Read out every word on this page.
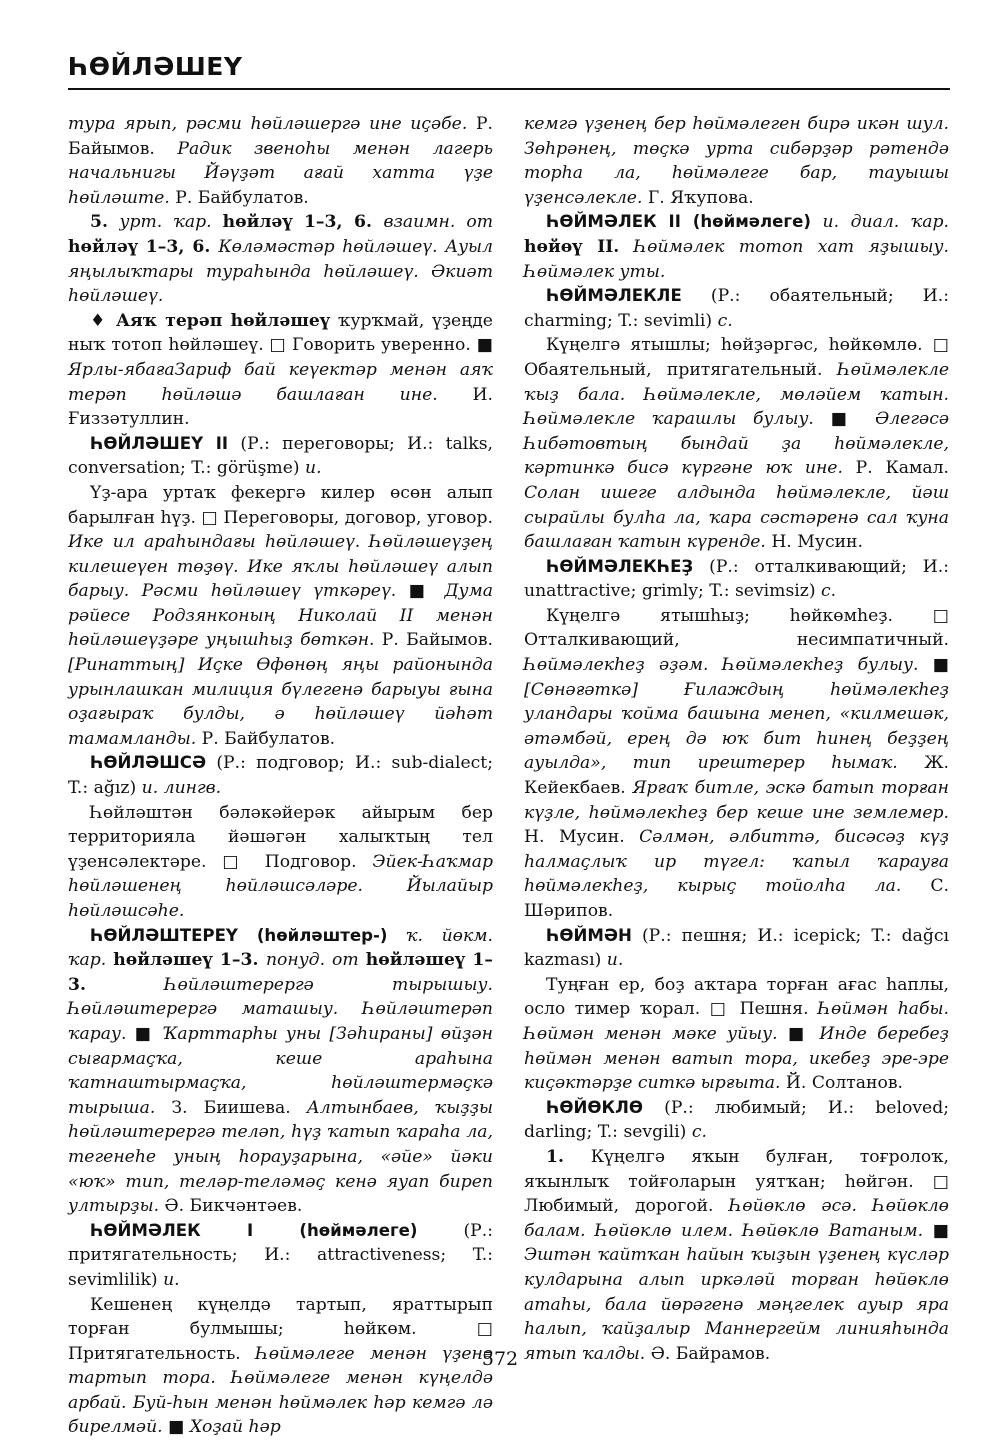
ҺӨЙЛӘШЕҮ

тура ярып, рәсми һөйләшергә ине иҫәбе. Р. Байымов. Радик звеноһы менән лагерь начальнигы Йәүҙәт ағай хатта үҙе һөйләште. Р. Байбулатов.

5. урт. ҡар. һөйләү 1–3, 6. взаимн. от һөйләү 1–3, 6. Көләмәстәр һөйләшеү. Ауыл яңылыҡтары тураһында һөйләшеү. Әкиәт һөйләшеү.

♦ Аяҡ терәп һөйләшеү ҡурҡмай, үҙеңде ныҡ тотоп һөйләшеү. □ Говорить уверенно. ■ Ярлы-ябағаЗариф бай кеүектәр менән аяҡ терәп һөйләшә башлаған ине. И. Ғиззәтуллин.

ҺӨЙЛӘШЕҮ II (Р.: переговоры; И.: talks, conversation; T.: görüşme) и.

Үҙ-ара уртаҡ фекергә килер өсөн алып барылған һүҙ. □ Переговоры, договор, уговор. Ике ил араһындағы һөйләшеү. Һөйләшеүҙең килешеүен төҙөү. Ике яҡлы һөйләшеү алып барыу. Рәсми һөйләшеү үткәреү. ■ Дума рәйесе Родзянконың Николай II менән һөйләшеүҙәре уңышһыҙ бөткән. Р. Байымов. [Ринаттың] Иҫке Өфөнөң яңы районында урынлашкан милиция бүлегенә барыуы ғына оҙағыраҡ булды, ә һөйләшеү йәһәт тамамланды. Р. Байбулатов.

ҺӨЙЛӘШСӘ (Р.: подговор; И.: sub-dialect; T.: ağız) и. лингв.

Һөйләштән бәләкәйерәк айырым бер территорияла йәшәгән халыҡтың тел үҙенсәлектәре. □ Подговор. Эйек-Һаҡмар һөйләшенең һөйләшсәләре. Йылайыр һөйләшсәһе.

ҺӨЙЛӘШТЕРЕҮ (һөйләштер-) ҡ. йөкм. ҡар. һөйләшеү 1–3. понуд. от һөйләшеү 1–3. Һөйләштерергә тырышыу. Һөйләштерергә маташыу. Һөйләштерәп ҡарау. ■ Ҡарттарһы уны [Зәһираны] өйҙән сығармаҫҡа, кеше араһына ҡатнаштырмаҫҡа, һөйләштермәҫкә тырыша. З. Биишева. Алтынбаев, ҡыҙҙы һөйләштерергә теләп, һүҙ ҡатып ҡараһа ла, тегенеһе уның һорауҙарына, «әйе» йәки «юҡ» тип, теләр-теләмәҫ кенә яуап биреп ултырҙы. Ә. Бикчәнтәев.

ҺӨЙМӘЛЕК I (һөймәлеге) (Р.: притягательность; И.: attractiveness; T.: sevimlilik) и.

Кешенең күңелдә тартып, яраттырып торған булмышы; һөйкөм. □ Притягательность. Һөймәлеге менән үҙенә тартып тора. Һөймәлеге менән күңелдә арбай. Буй-һын менән һөймәлек һәр кемгә лә бирелмәй. ■ Хоҙай һәр

кемгә үҙенең бер һөймәлеген бирә икән шул. Зөһрәнең, төҫкә урта сибәрҙәр рәтендә торһа ла, һөймәлеге бар, тауышы үҙенсәлекле. Г. Яҡупова.

ҺӨЙМӘЛЕК II (һөймәлеге) и. диал. ҡар. һөйөү II. Һөймәлек тотоп хат яҙышыу. Һөймәлек уты.

ҺӨЙМӘЛЕКЛЕ (Р.: обаятельный; И.: charming; T.: sevimli) с.

Күңелгә ятышлы; һөйҙәргәс, һөйкөмлө. □ Обаятельный, притягательный. Һөймәлекле ҡыҙ бала. Һөймәлекле, мөләйем ҡатын. Һөймәлекле ҡарашлы булыу. ■ Әлегәсә Һибәтовтың бындай ҙа һөймәлекле, кәртинкә бисә күргәне юҡ ине. Р. Камал. Солан ишеге алдында һөймәлекле, йәш сырайлы булһа ла, ҡара сәстәренә сал ҡуна башлаған ҡатын күренде. Н. Мусин.

ҺӨЙМӘЛЕКҺЕҘ (Р.: отталкивающий; И.: unattractive; grimly; T.: sevimsiz) с.

Күңелгә ятышһыҙ; һөйкөмһеҙ. □ Отталкивающий, несимпатичный. Һөймәлекһеҙ әҙәм. Һөймәлекһеҙ булыу. ■ [Сөнәғәткә] Ғилаждың һөймәлекһеҙ уландары ҡойма башына менеп, «килмешәк, әтәмбәй, ерең дә юҡ бит һинең беҙҙең ауылда», тип ирештерер һымаҡ. Ж. Кейекбаев. Ярғаҡ битле, эскә батып торған күҙле, һөймәлекһеҙ бер кеше ине землемер. Н. Мусин. Сәлмән, әлбиттә, бисәсәҙ күҙ һалмаҫлыҡ ир түгел: ҡапыл ҡарауға һөймәлекһеҙ, кырыҫ тойолһа ла. С. Шәрипов.

ҺӨЙМӘН (Р.: пешня; И.: icepick; T.: dağcı kazması) и.

Туңған ер, боҙ аҡтара торған ағас һаплы, осло тимер ҡорал. □ Пешня. Һөймән һабы. Һөймән менән мәке уйыу. ■ Инде беребеҙ һөймән менән ватып тора, икебеҙ эре-эре киҫәктәрҙе ситкә ырғыта. Й. Солтанов.

ҺӨЙӨКЛӨ (Р.: любимый; И.: beloved; darling; T.: sevgili) с.

1. Күңелгә яҡын булған, тоғролоҡ, яҡынлыҡ тойғоларын уятҡан; һөйгән. □ Любимый, дорогой. Һөйөклө әсә. Һөйөклө балам. Һөйөклө илем. Һөйөклө Ватаным. ■ Эштән ҡайтҡан һайын ҡыҙын үҙенең күсләр кулдарына алып иркәләй торған һөйөклө атаһы, бала йөрәгенә мәңгелек ауыр яра һалып, ҡайҙалыр Маннергейм линияһында ятып ҡалды. Ә. Байрамов.

572
